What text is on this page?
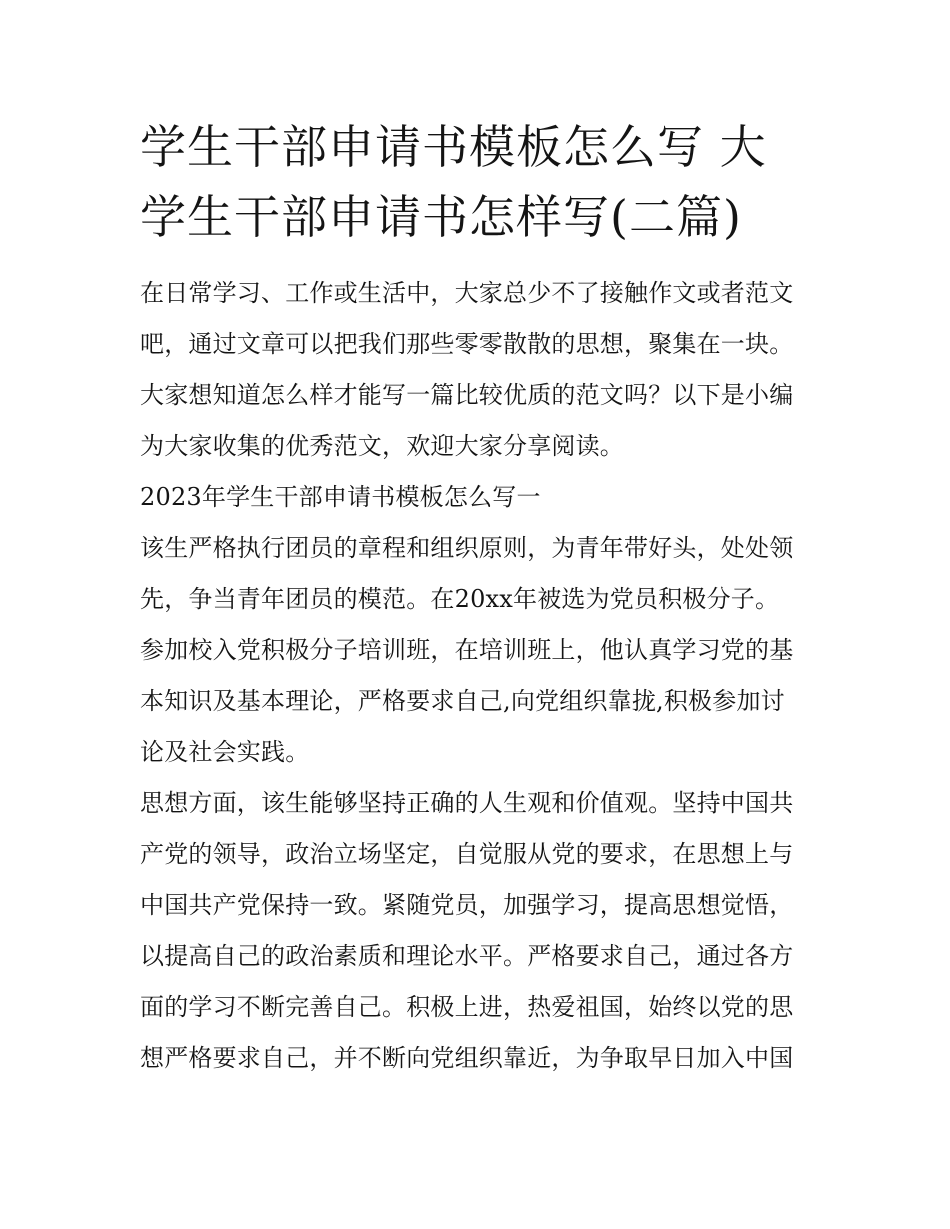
学生干部申请书模板怎么写 大
学生干部申请书怎样写(二篇)
在日常学习、工作或生活中，大家总少不了接触作文或者范文
吧，通过文章可以把我们那些零零散散的思想，聚集在一块。
大家想知道怎么样才能写一篇比较优质的范文吗？以下是小编
为大家收集的优秀范文，欢迎大家分享阅读。
2023年学生干部申请书模板怎么写一
该生严格执行团员的章程和组织原则，为青年带好头，处处领
先，争当青年团员的模范。在20xx年被选为党员积极分子。
参加校入党积极分子培训班，在培训班上，他认真学习党的基
本知识及基本理论，严格要求自己,向党组织靠拢,积极参加讨
论及社会实践。
思想方面，该生能够坚持正确的人生观和价值观。坚持中国共
产党的领导，政治立场坚定，自觉服从党的要求，在思想上与
中国共产党保持一致。紧随党员，加强学习，提高思想觉悟，
以提高自己的政治素质和理论水平。严格要求自己，通过各方
面的学习不断完善自己。积极上进，热爱祖国，始终以党的思
想严格要求自己，并不断向党组织靠近，为争取早日加入中国
